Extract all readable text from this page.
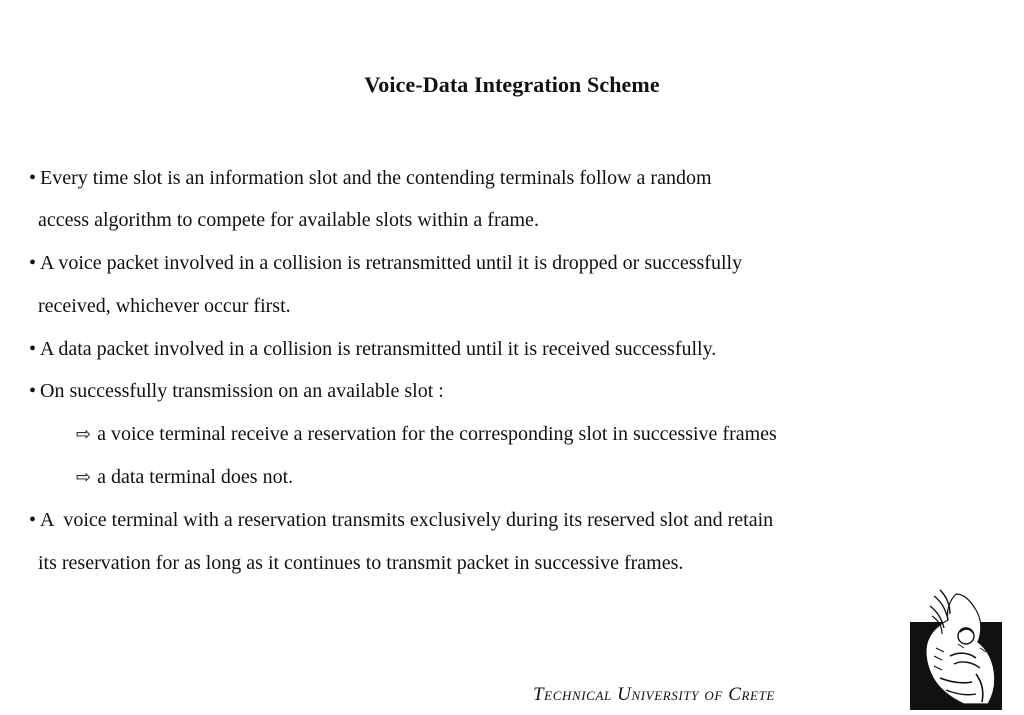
Voice-Data Integration Scheme
• Every time slot is an information slot and the contending terminals follow a random
access algorithm to compete for available slots within a frame.
• A voice packet involved in a collision is retransmitted until it is dropped or successfully
received, whichever occur first.
• A data packet involved in a collision is retransmitted until it is received successfully.
• On successfully transmission on an available slot :
⇨ a voice terminal receive a reservation for the corresponding slot in successive frames
⇨ a data terminal does not.
• A  voice terminal with a reservation transmits exclusively during its reserved slot and retain
its reservation for as long as it continues to transmit packet in successive frames.
Technical University of Crete
